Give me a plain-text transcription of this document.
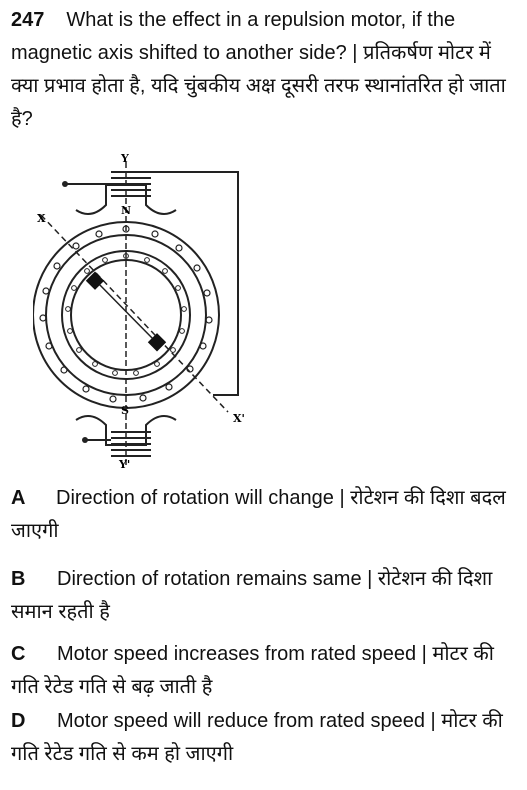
247 What is the effect in a repulsion motor, if the magnetic axis shifted to another side? | प्रतिकर्षण मोटर में क्या प्रभाव होता है, यदि चुंबकीय अक्ष दूसरी तरफ स्थानांतरित हो जाता है?
Y
N
S
Y'
X
X'
A Direction of rotation will change | रोटेशन की दिशा बदल जाएगी
B Direction of rotation remains same | रोटेशन की दिशा समान रहती है
C Motor speed increases from rated speed | मोटर की गति रेटेड गति से बढ़ जाती है
D Motor speed will reduce from rated speed | मोटर की गति रेटेड गति से कम हो जाएगी
